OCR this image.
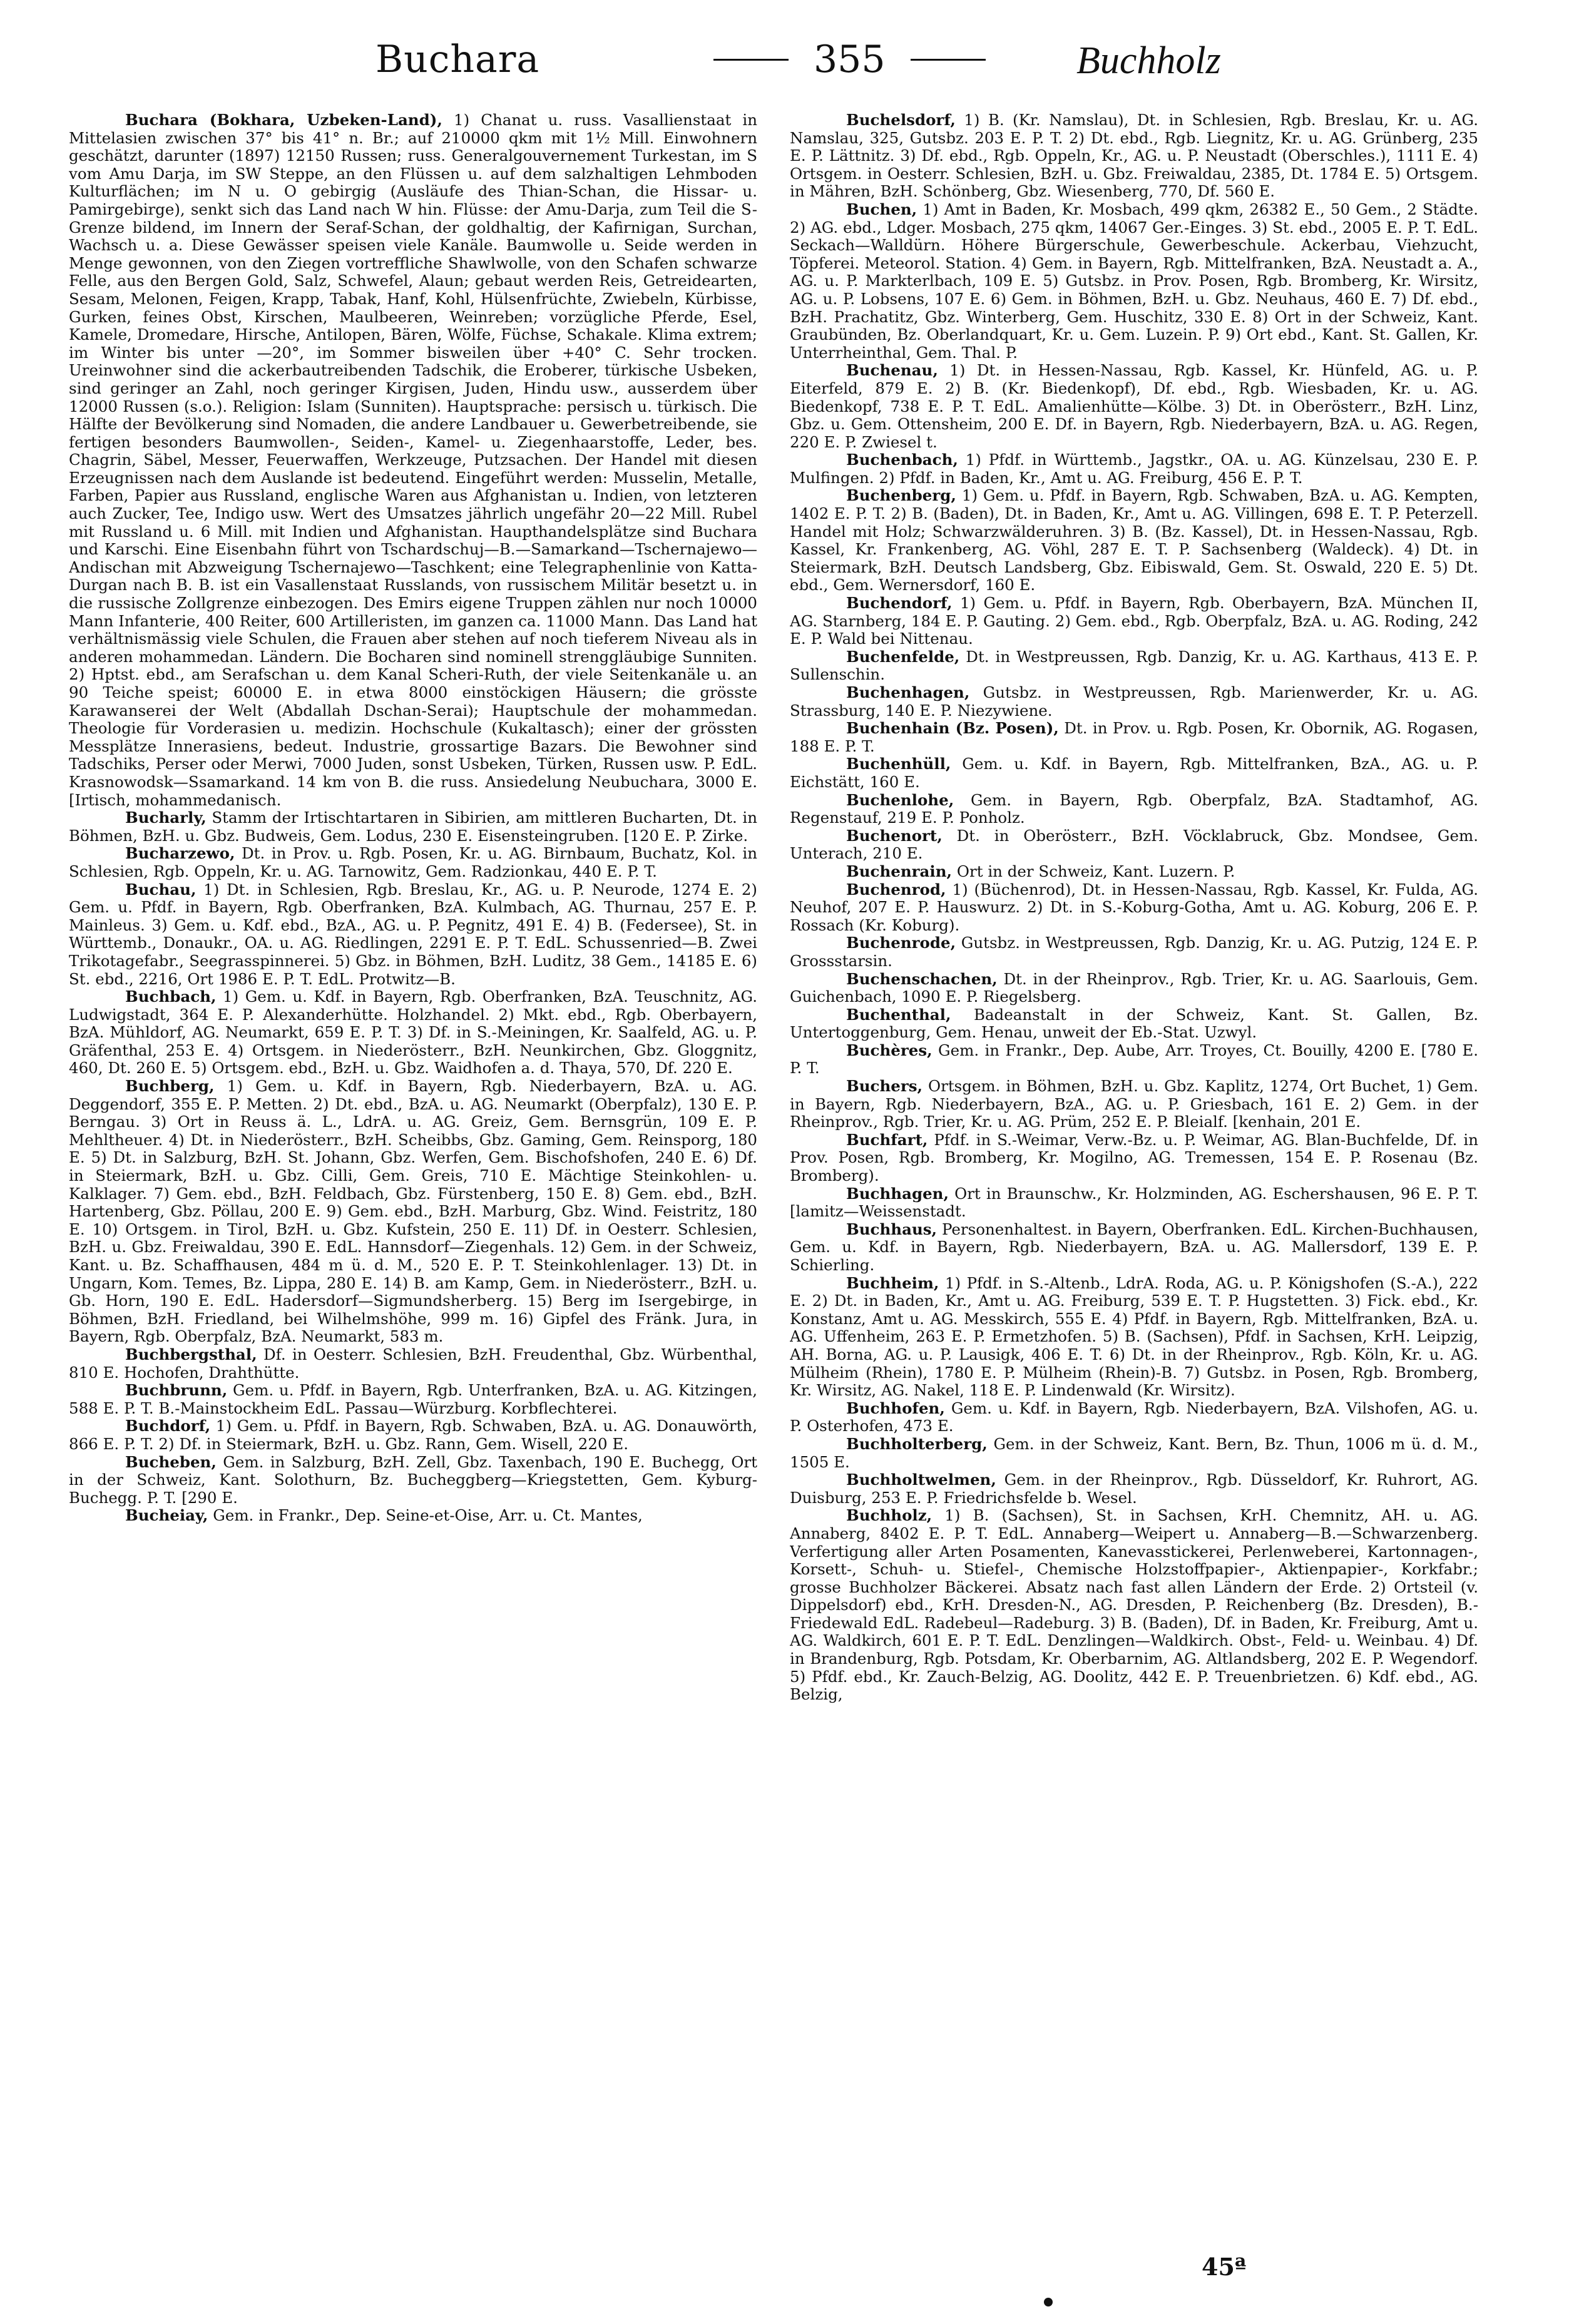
Buchara	355	Buchholz

Buchara (Bokhara, Uzbeken-Land), 1) Chanat u. russ. Vasallienstaat in Mittelasien zwischen 37° bis 41° n. Br.; auf 210000 qkm mit 1½ Mill. Einwohnern geschätzt, darunter (1897) 12150 Russen; russ. Generalgouvernement Turkestan, im S vom Amu Darja, im SW Steppe, an den Flüssen u. auf dem salzhaltigen Lehmboden Kulturflächen; im N u. O gebirgig (Ausläufe des Thian-Schan, die Hissar- u. Pamirgebirge), senkt sich das Land nach W hin. Flüsse: der Amu-Darja, zum Teil die S-Grenze bildend, im Innern der Seraf-Schan, der goldhaltig, der Kafirnigan, Surchan, Wachsch u. a. Diese Gewässer speisen viele Kanäle. Baumwolle u. Seide werden in Menge gewonnen, von den Ziegen vortreffliche Shawlwolle, von den Schafen schwarze Felle, aus den Bergen Gold, Salz, Schwefel, Alaun; gebaut werden Reis, Getreidearten, Sesam, Melonen, Feigen, Krapp, Tabak, Hanf, Kohl, Hülsenfrüchte, Zwiebeln, Kürbisse, Gurken, feines Obst, Kirschen, Maulbeeren, Weinreben; vorzügliche Pferde, Esel, Kamele, Dromedare, Hirsche, Antilopen, Bären, Wölfe, Füchse, Schakale. Klima extrem; im Winter bis unter —20°, im Sommer bisweilen über +40° C. Sehr trocken. Ureinwohner sind die ackerbautreibenden Tadschik, die Eroberer, türkische Usbeken, sind geringer an Zahl, noch geringer Kirgisen, Juden, Hindu usw., ausserdem über 12000 Russen (s.o.). Religion: Islam (Sunniten). Hauptsprache: persisch u. türkisch. Die Hälfte der Bevölkerung sind Nomaden, die andere Landbauer u. Gewerbetreibende, sie fertigen besonders Baumwollen-, Seiden-, Kamel- u. Ziegenhaarstoffe, Leder, bes. Chagrin, Säbel, Messer, Feuerwaffen, Werkzeuge, Putzsachen. Der Handel mit diesen Erzeugnissen nach dem Auslande ist bedeutend. Eingeführt werden: Musselin, Metalle, Farben, Papier aus Russland, englische Waren aus Afghanistan u. Indien, von letzteren auch Zucker, Tee, Indigo usw. Wert des Umsatzes jährlich ungefähr 20—22 Mill. Rubel mit Russland u. 6 Mill. mit Indien und Afghanistan. Haupthandelsplätze sind Buchara und Karschi. Eine Eisenbahn führt von Tschardschuj—B.—Samarkand—Tschernajewo—Andischan mit Abzweigung Tschernajewo—Taschkent; eine Telegraphenlinie von Katta-Durgan nach B. B. ist ein Vasallenstaat Russlands, von russischem Militär besetzt u. in die russische Zollgrenze einbezogen. Des Emirs eigene Truppen zählen nur noch 10000 Mann Infanterie, 400 Reiter, 600 Artilleristen, im ganzen ca. 11000 Mann. Das Land hat verhältnismässig viele Schulen, die Frauen aber stehen auf noch tieferem Niveau als in anderen mohammedan. Ländern. Die Bocharen sind nominell strenggläubige Sunniten. 2) Hptst. ebd., am Serafschan u. dem Kanal Scheri-Ruth, der viele Seitenkanäle u. an 90 Teiche speist; 60000 E. in etwa 8000 einstöckigen Häusern; die grösste Karawanserei der Welt (Abdallah Dschan-Serai); Hauptschule der mohammedan. Theologie für Vorderasien u. medizin. Hochschule (Kukaltasch); einer der grössten Messplätze Innerasiens, bedeut. Industrie, grossartige Bazars. Die Bewohner sind Tadschiks, Perser oder Merwi, 7000 Juden, sonst Usbeken, Türken, Russen usw. P. EdL. Krasnowodsk—Ssamarkand. 14 km von B. die russ. Ansiedelung Neubuchara, 3000 E. [Irtisch, mohammedanisch.

Bucharly, Stamm der Irtischtartaren in Sibirien, am mittleren Bucharten, Dt. in Böhmen, BzH. u. Gbz. Budweis, Gem. Lodus, 230 E. Eisensteingruben. [120 E. P. Zirke.

Bucharzewo, Dt. in Prov. u. Rgb. Posen, Kr. u. AG. Birnbaum, Buchatz, Kol. in Schlesien, Rgb. Oppeln, Kr. u. AG. Tarnowitz, Gem. Radzionkau, 440 E. P. T.

Buchau, 1) Dt. in Schlesien, Rgb. Breslau, Kr., AG. u. P. Neurode, 1274 E. 2) Gem. u. Pfdf. in Bayern, Rgb. Oberfranken, BzA. Kulmbach, AG. Thurnau, 257 E. P. Mainleus. 3) Gem. u. Kdf. ebd., BzA., AG. u. P. Pegnitz, 491 E. 4) B. (Federsee), St. in Württemb., Donaukr., OA. u. AG. Riedlingen, 2291 E. P. T. EdL. Schussenried—B. Zwei Trikotagefabr., Seegrasspinnerei. 5) Gbz. in Böhmen, BzH. Luditz, 38 Gem., 14185 E. 6) St. ebd., 2216, Ort 1986 E. P. T. EdL. Protwitz—B.

Buchbach, 1) Gem. u. Kdf. in Bayern, Rgb. Oberfranken, BzA. Teuschnitz, AG. Ludwigstadt, 364 E. P. Alexanderhütte. Holzhandel. 2) Mkt. ebd., Rgb. Oberbayern, BzA. Mühldorf, AG. Neumarkt, 659 E. P. T. 3) Df. in S.-Meiningen, Kr. Saalfeld, AG. u. P. Gräfenthal, 253 E. 4) Ortsgem. in Niederösterr., BzH. Neunkirchen, Gbz. Gloggnitz, 460, Dt. 260 E. 5) Ortsgem. ebd., BzH. u. Gbz. Waidhofen a. d. Thaya, 570, Df. 220 E.

Buchberg, 1) Gem. u. Kdf. in Bayern, Rgb. Niederbayern, BzA. u. AG. Deggendorf, 355 E. P. Metten. 2) Dt. ebd., BzA. u. AG. Neumarkt (Oberpfalz), 130 E. P. Berngau. 3) Ort in Reuss ä. L., LdrA. u. AG. Greiz, Gem. Bernsgrün, 109 E. P. Mehltheuer. 4) Dt. in Niederösterr., BzH. Scheibbs, Gbz. Gaming, Gem. Reinsporg, 180 E. 5) Dt. in Salzburg, BzH. St. Johann, Gbz. Werfen, Gem. Bischofshofen, 240 E. 6) Df. in Steiermark, BzH. u. Gbz. Cilli, Gem. Greis, 710 E. Mächtige Steinkohlen- u. Kalklager. 7) Gem. ebd., BzH. Feldbach, Gbz. Fürstenberg, 150 E. 8) Gem. ebd., BzH. Hartenberg, Gbz. Pöllau, 200 E. 9) Gem. ebd., BzH. Marburg, Gbz. Wind. Feistritz, 180 E. 10) Ortsgem. in Tirol, BzH. u. Gbz. Kufstein, 250 E. 11) Df. in Oesterr. Schlesien, BzH. u. Gbz. Freiwaldau, 390 E. EdL. Hannsdorf—Ziegenhals. 12) Gem. in der Schweiz, Kant. u. Bz. Schaffhausen, 484 m ü. d. M., 520 E. P. T. Steinkohlenlager. 13) Dt. in Ungarn, Kom. Temes, Bz. Lippa, 280 E. 14) B. am Kamp, Gem. in Niederösterr., BzH. u. Gb. Horn, 190 E. EdL. Hadersdorf—Sigmundsherberg. 15) Berg im Isergebirge, in Böhmen, BzH. Friedland, bei Wilhelmshöhe, 999 m. 16) Gipfel des Fränk. Jura, in Bayern, Rgb. Oberpfalz, BzA. Neumarkt, 583 m.

Buchbergsthal, Df. in Oesterr. Schlesien, BzH. Freudenthal, Gbz. Würbenthal, 810 E. Hochofen, Drahthütte.

Buchbrunn, Gem. u. Pfdf. in Bayern, Rgb. Unterfranken, BzA. u. AG. Kitzingen, 588 E. P. T. B.-Mainstockheim EdL. Passau—Würzburg. Korbflechterei.

Buchdorf, 1) Gem. u. Pfdf. in Bayern, Rgb. Schwaben, BzA. u. AG. Donauwörth, 866 E. P. T. 2) Df. in Steiermark, BzH. u. Gbz. Rann, Gem. Wisell, 220 E.

Bucheben, Gem. in Salzburg, BzH. Zell, Gbz. Taxenbach, 190 E. Buchegg, Ort in der Schweiz, Kant. Solothurn, Bz. Bucheggberg—Kriegstetten, Gem. Kyburg-Buchegg. P. T. [290 E.

Bucheiay, Gem. in Frankr., Dep. Seine-et-Oise, Arr. u. Ct. Mantes,

Buchelsdorf, 1) B. (Kr. Namslau), Dt. in Schlesien, Rgb. Breslau, Kr. u. AG. Namslau, 325, Gutsbz. 203 E. P. T. 2) Dt. ebd., Rgb. Liegnitz, Kr. u. AG. Grünberg, 235 E. P. Lättnitz. 3) Df. ebd., Rgb. Oppeln, Kr., AG. u. P. Neustadt (Oberschles.), 1111 E. 4) Ortsgem. in Oesterr. Schlesien, BzH. u. Gbz. Freiwaldau, 2385, Dt. 1784 E. 5) Ortsgem. in Mähren, BzH. Schönberg, Gbz. Wiesenberg, 770, Df. 560 E.

Buchen, 1) Amt in Baden, Kr. Mosbach, 499 qkm, 26382 E., 50 Gem., 2 Städte. 2) AG. ebd., Ldger. Mosbach, 275 qkm, 14067 Ger.-Einges. 3) St. ebd., 2005 E. P. T. EdL. Seckach—Walldürn. Höhere Bürgerschule, Gewerbeschule. Ackerbau, Viehzucht, Töpferei. Meteorol. Station. 4) Gem. in Bayern, Rgb. Mittelfranken, BzA. Neustadt a. A., AG. u. P. Markterlbach, 109 E. 5) Gutsbz. in Prov. Posen, Rgb. Bromberg, Kr. Wirsitz, AG. u. P. Lobsens, 107 E. 6) Gem. in Böhmen, BzH. u. Gbz. Neuhaus, 460 E. 7) Df. ebd., BzH. Prachatitz, Gbz. Winterberg, Gem. Huschitz, 330 E. 8) Ort in der Schweiz, Kant. Graubünden, Bz. Oberlandquart, Kr. u. Gem. Luzein. P. 9) Ort ebd., Kant. St. Gallen, Kr. Unterrheinthal, Gem. Thal. P.

Buchenau, 1) Dt. in Hessen-Nassau, Rgb. Kassel, Kr. Hünfeld, AG. u. P. Eiterfeld, 879 E. 2) B. (Kr. Biedenkopf), Df. ebd., Rgb. Wiesbaden, Kr. u. AG. Biedenkopf, 738 E. P. T. EdL. Amalienhütte—Kölbe. 3) Dt. in Oberösterr., BzH. Linz, Gbz. u. Gem. Ottensheim, 200 E. Df. in Bayern, Rgb. Niederbayern, BzA. u. AG. Regen, 220 E. P. Zwiesel t.

Buchenbach, 1) Pfdf. in Württemb., Jagstkr., OA. u. AG. Künzelsau, 230 E. P. Mulfingen. 2) Pfdf. in Baden, Kr., Amt u. AG. Freiburg, 456 E. P. T.

Buchenberg, 1) Gem. u. Pfdf. in Bayern, Rgb. Schwaben, BzA. u. AG. Kempten, 1402 E. P. T. 2) B. (Baden), Dt. in Baden, Kr., Amt u. AG. Villingen, 698 E. T. P. Peterzell. Handel mit Holz; Schwarzwälderuhren. 3) B. (Bz. Kassel), Dt. in Hessen-Nassau, Rgb. Kassel, Kr. Frankenberg, AG. Vöhl, 287 E. T. P. Sachsenberg (Waldeck). 4) Dt. in Steiermark, BzH. Deutsch Landsberg, Gbz. Eibiswald, Gem. St. Oswald, 220 E. 5) Dt. ebd., Gem. Wernersdorf, 160 E.

Buchendorf, 1) Gem. u. Pfdf. in Bayern, Rgb. Oberbayern, BzA. München II, AG. Starnberg, 184 E. P. Gauting. 2) Gem. ebd., Rgb. Oberpfalz, BzA. u. AG. Roding, 242 E. P. Wald bei Nittenau.

Buchenfelde, Dt. in Westpreussen, Rgb. Danzig, Kr. u. AG. Karthaus, 413 E. P. Sullenschin.

Buchenhagen, Gutsbz. in Westpreussen, Rgb. Marienwerder, Kr. u. AG. Strassburg, 140 E. P. Niezywiene.

Buchenhain (Bz. Posen), Dt. in Prov. u. Rgb. Posen, Kr. Obornik, AG. Rogasen, 188 E. P. T.

Buchenhüll, Gem. u. Kdf. in Bayern, Rgb. Mittelfranken, BzA., AG. u. P. Eichstätt, 160 E.

Buchenlohe, Gem. in Bayern, Rgb. Oberpfalz, BzA. Stadtamhof, AG. Regenstauf, 219 E. P. Ponholz.

Buchenort, Dt. in Oberösterr., BzH. Vöcklabruck, Gbz. Mondsee, Gem. Unterach, 210 E.

Buchenrain, Ort in der Schweiz, Kant. Luzern. P.

Buchenrod, 1) (Büchenrod), Dt. in Hessen-Nassau, Rgb. Kassel, Kr. Fulda, AG. Neuhof, 207 E. P. Hauswurz. 2) Dt. in S.-Koburg-Gotha, Amt u. AG. Koburg, 206 E. P. Rossach (Kr. Koburg).

Buchenrode, Gutsbz. in Westpreussen, Rgb. Danzig, Kr. u. AG. Putzig, 124 E. P. Grossstarsin.

Buchenschachen, Dt. in der Rheinprov., Rgb. Trier, Kr. u. AG. Saarlouis, Gem. Guichenbach, 1090 E. P. Riegelsberg.

Buchenthal, Badeanstalt in der Schweiz, Kant. St. Gallen, Bz. Untertoggenburg, Gem. Henau, unweit der Eb.-Stat. Uzwyl.

Buchères, Gem. in Frankr., Dep. Aube, Arr. Troyes, Ct. Bouilly, 4200 E. [780 E. P. T.

Buchers, Ortsgem. in Böhmen, BzH. u. Gbz. Kaplitz, 1274, Ort Buchet, 1) Gem. in Bayern, Rgb. Niederbayern, BzA., AG. u. P. Griesbach, 161 E. 2) Gem. in der Rheinprov., Rgb. Trier, Kr. u. AG. Prüm, 252 E. P. Bleialf. [kenhain, 201 E.

Buchfart, Pfdf. in S.-Weimar, Verw.-Bz. u. P. Weimar, AG. Blan-Buchfelde, Df. in Prov. Posen, Rgb. Bromberg, Kr. Mogilno, AG. Tremessen, 154 E. P. Rosenau (Bz. Bromberg).

Buchhagen, Ort in Braunschw., Kr. Holzminden, AG. Eschershausen, 96 E. P. T. [lamitz—Weissenstadt.

Buchhaus, Personenhaltest. in Bayern, Oberfranken. EdL. Kirchen-Buchhausen, Gem. u. Kdf. in Bayern, Rgb. Niederbayern, BzA. u. AG. Mallersdorf, 139 E. P. Schierling.

Buchheim, 1) Pfdf. in S.-Altenb., LdrA. Roda, AG. u. P. Königshofen (S.-A.), 222 E. 2) Dt. in Baden, Kr., Amt u. AG. Freiburg, 539 E. T. P. Hugstetten. 3) Fick. ebd., Kr. Konstanz, Amt u. AG. Messkirch, 555 E. 4) Pfdf. in Bayern, Rgb. Mittelfranken, BzA. u. AG. Uffenheim, 263 E. P. Ermetzhofen. 5) B. (Sachsen), Pfdf. in Sachsen, KrH. Leipzig, AH. Borna, AG. u. P. Lausigk, 406 E. T. 6) Dt. in der Rheinprov., Rgb. Köln, Kr. u. AG. Mülheim (Rhein), 1780 E. P. Mülheim (Rhein)-B. 7) Gutsbz. in Posen, Rgb. Bromberg, Kr. Wirsitz, AG. Nakel, 118 E. P. Lindenwald (Kr. Wirsitz).

Buchhofen, Gem. u. Kdf. in Bayern, Rgb. Niederbayern, BzA. Vilshofen, AG. u. P. Osterhofen, 473 E.

Buchholterberg, Gem. in der Schweiz, Kant. Bern, Bz. Thun, 1006 m ü. d. M., 1505 E.

Buchholtwelmen, Gem. in der Rheinprov., Rgb. Düsseldorf, Kr. Ruhrort, AG. Duisburg, 253 E. P. Friedrichsfelde b. Wesel.

Buchholz, 1) B. (Sachsen), St. in Sachsen, KrH. Chemnitz, AH. u. AG. Annaberg, 8402 E. P. T. EdL. Annaberg—Weipert u. Annaberg—B.—Schwarzenberg. Verfertigung aller Arten Posamenten, Kanevasstickerei, Perlenweberei, Kartonnagen-, Korsett-, Schuh- u. Stiefel-, Chemische Holzstoffpapier-, Aktienpapier-, Korkfabr.; grosse Buchholzer Bäckerei. Absatz nach fast allen Ländern der Erde. 2) Ortsteil (v. Dippelsdorf) ebd., KrH. Dresden-N., AG. Dresden, P. Reichenberg (Bz. Dresden), B.-Friedewald EdL. Radebeul—Radeburg. 3) B. (Baden), Df. in Baden, Kr. Freiburg, Amt u. AG. Waldkirch, 601 E. P. T. EdL. Denzlingen—Waldkirch. Obst-, Feld- u. Weinbau. 4) Df. in Brandenburg, Rgb. Potsdam, Kr. Oberbarnim, AG. Altlandsberg, 202 E. P. Wegendorf. 5) Pfdf. ebd., Kr. Zauch-Belzig, AG. Doolitz, 442 E. P. Treuenbrietzen. 6) Kdf. ebd., AG. Belzig,

45ª
